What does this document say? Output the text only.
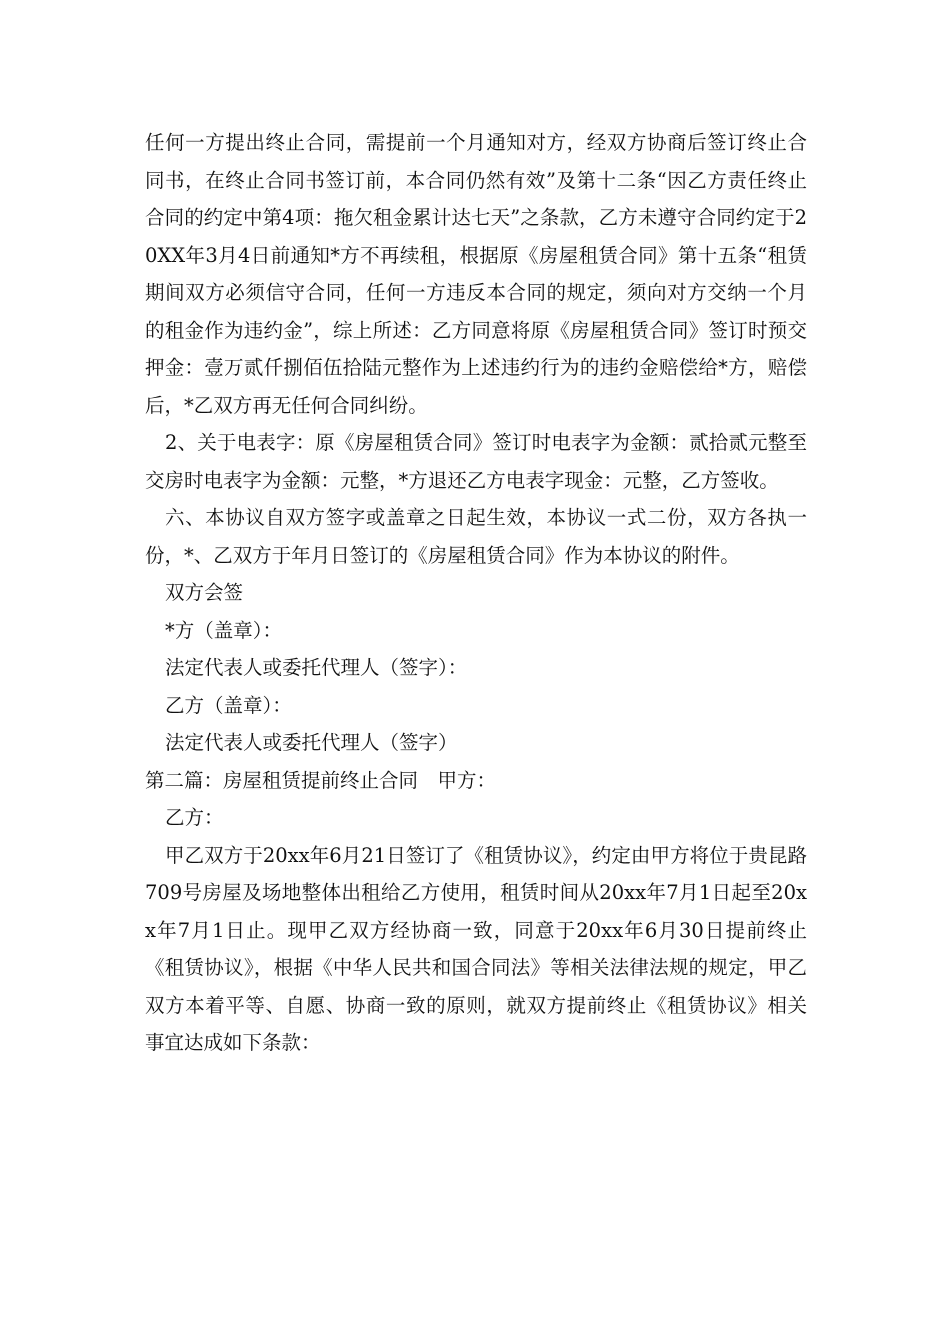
任何一方提出终止合同，需提前一个月通知对方，经双方协商后签订终止合同书，在终止合同书签订前，本合同仍然有效”及第十二条“因乙方责任终止合同的约定中第4项：拖欠租金累计达七天”之条款，乙方未遵守合同约定于20XX年3月4日前通知*方不再续租，根据原《房屋租赁合同》第十五条“租赁期间双方必须信守合同，任何一方违反本合同的规定，须向对方交纳一个月的租金作为违约金”，综上所述：乙方同意将原《房屋租赁合同》签订时预交押金：壹万贰仟捌佰伍拾陆元整作为上述违约行为的违约金赔偿给*方，赔偿后，*乙双方再无任何合同纠纷。

2、关于电表字：原《房屋租赁合同》签订时电表字为金额：贰拾贰元整至交房时电表字为金额：元整，*方退还乙方电表字现金：元整，乙方签收。

六、本协议自双方签字或盖章之日起生效，本协议一式二份，双方各执一份，*、乙双方于年月日签订的《房屋租赁合同》作为本协议的附件。

双方会签

*方（盖章）：

法定代表人或委托代理人（签字）：

乙方（盖章）：

法定代表人或委托代理人（签字）

第二篇：房屋租赁提前终止合同　甲方：

乙方：

甲乙双方于20xx年6月21日签订了《租赁协议》，约定由甲方将位于贵昆路709号房屋及场地整体出租给乙方使用，租赁时间从20xx年7月1日起至20xx年7月1日止。现甲乙双方经协商一致，同意于20xx年6月30日提前终止《租赁协议》，根据《中华人民共和国合同法》等相关法律法规的规定，甲乙双方本着平等、自愿、协商一致的原则，就双方提前终止《租赁协议》相关事宜达成如下条款：
